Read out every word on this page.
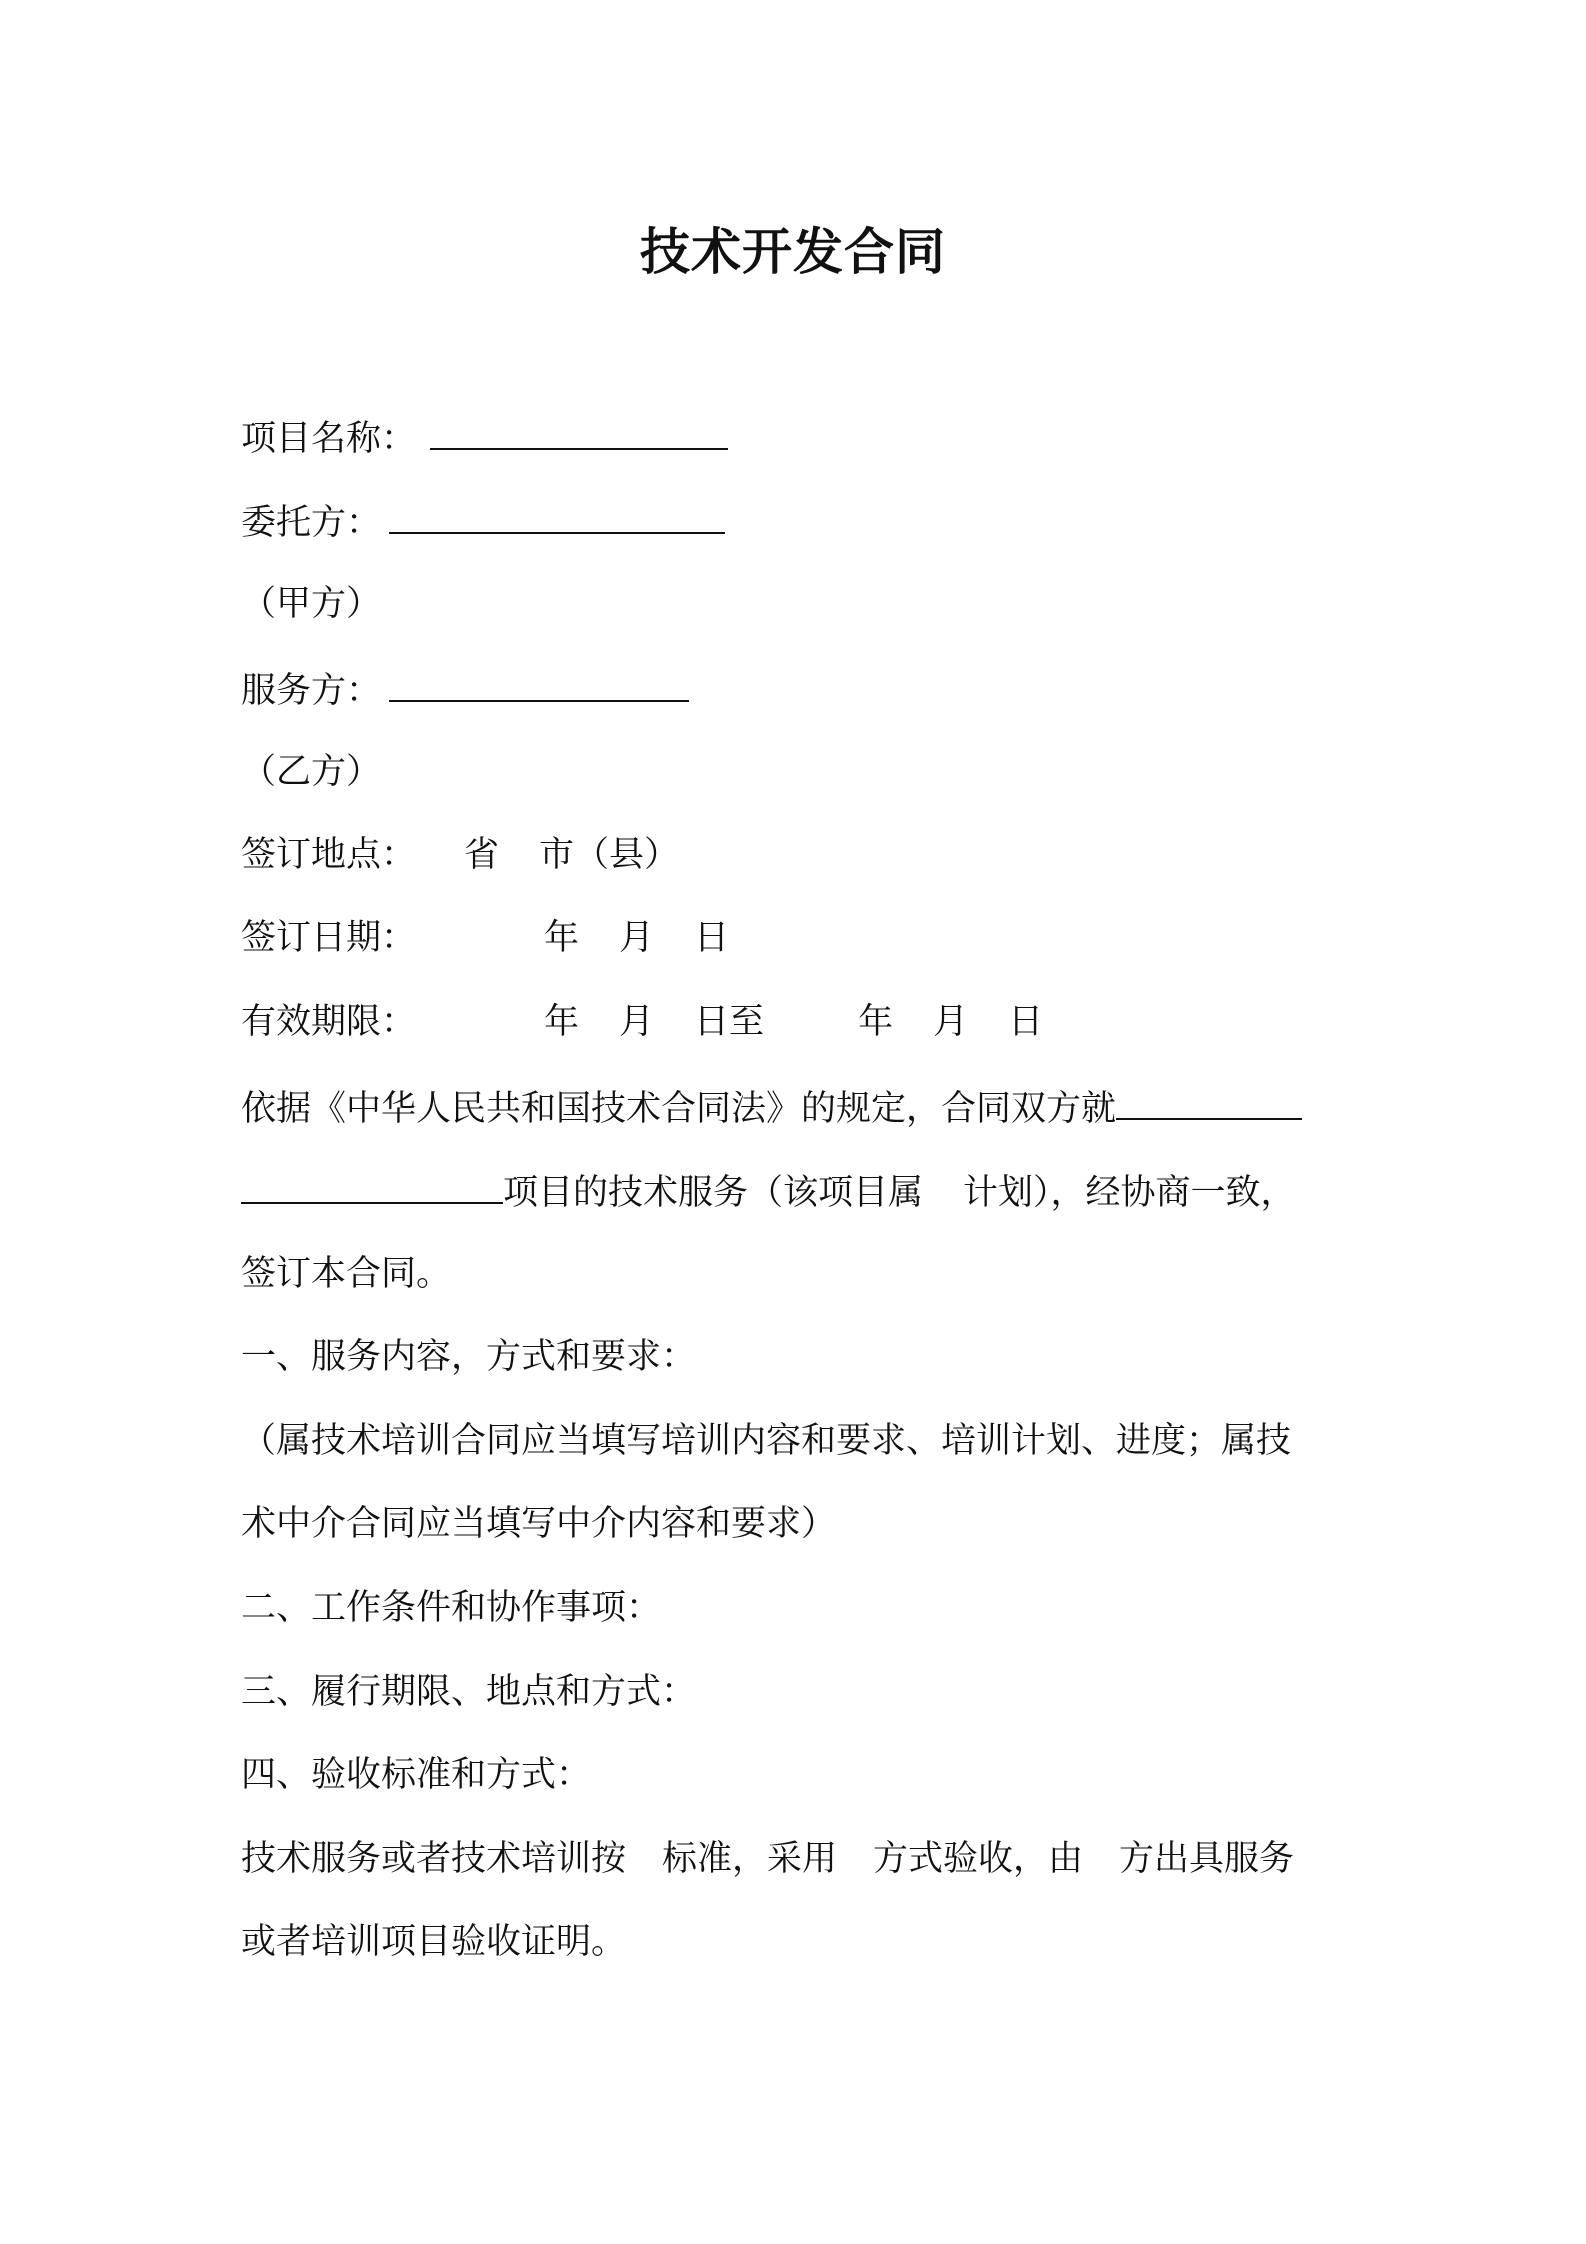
技术开发合同
项目名称：
委托方：
（甲方）
服务方：
（乙方）
签订地点： 省 市（县）
签订日期：	年 月 日
有效期限：	年 月 日至	年 月 日
依据《中华人民共和国技术合同法》的规定，合同双方就
项目的技术服务（该项目属 计划），经协商一致，
签订本合同。
一、服务内容，方式和要求：
（属技术培训合同应当填写培训内容和要求、培训计划、进度；属技
术中介合同应当填写中介内容和要求）
二、工作条件和协作事项：
三、履行期限、地点和方式：
四、验收标准和方式：
技术服务或者技术培训按 标准，采用 方式验收，由 方出具服务
或者培训项目验收证明。
